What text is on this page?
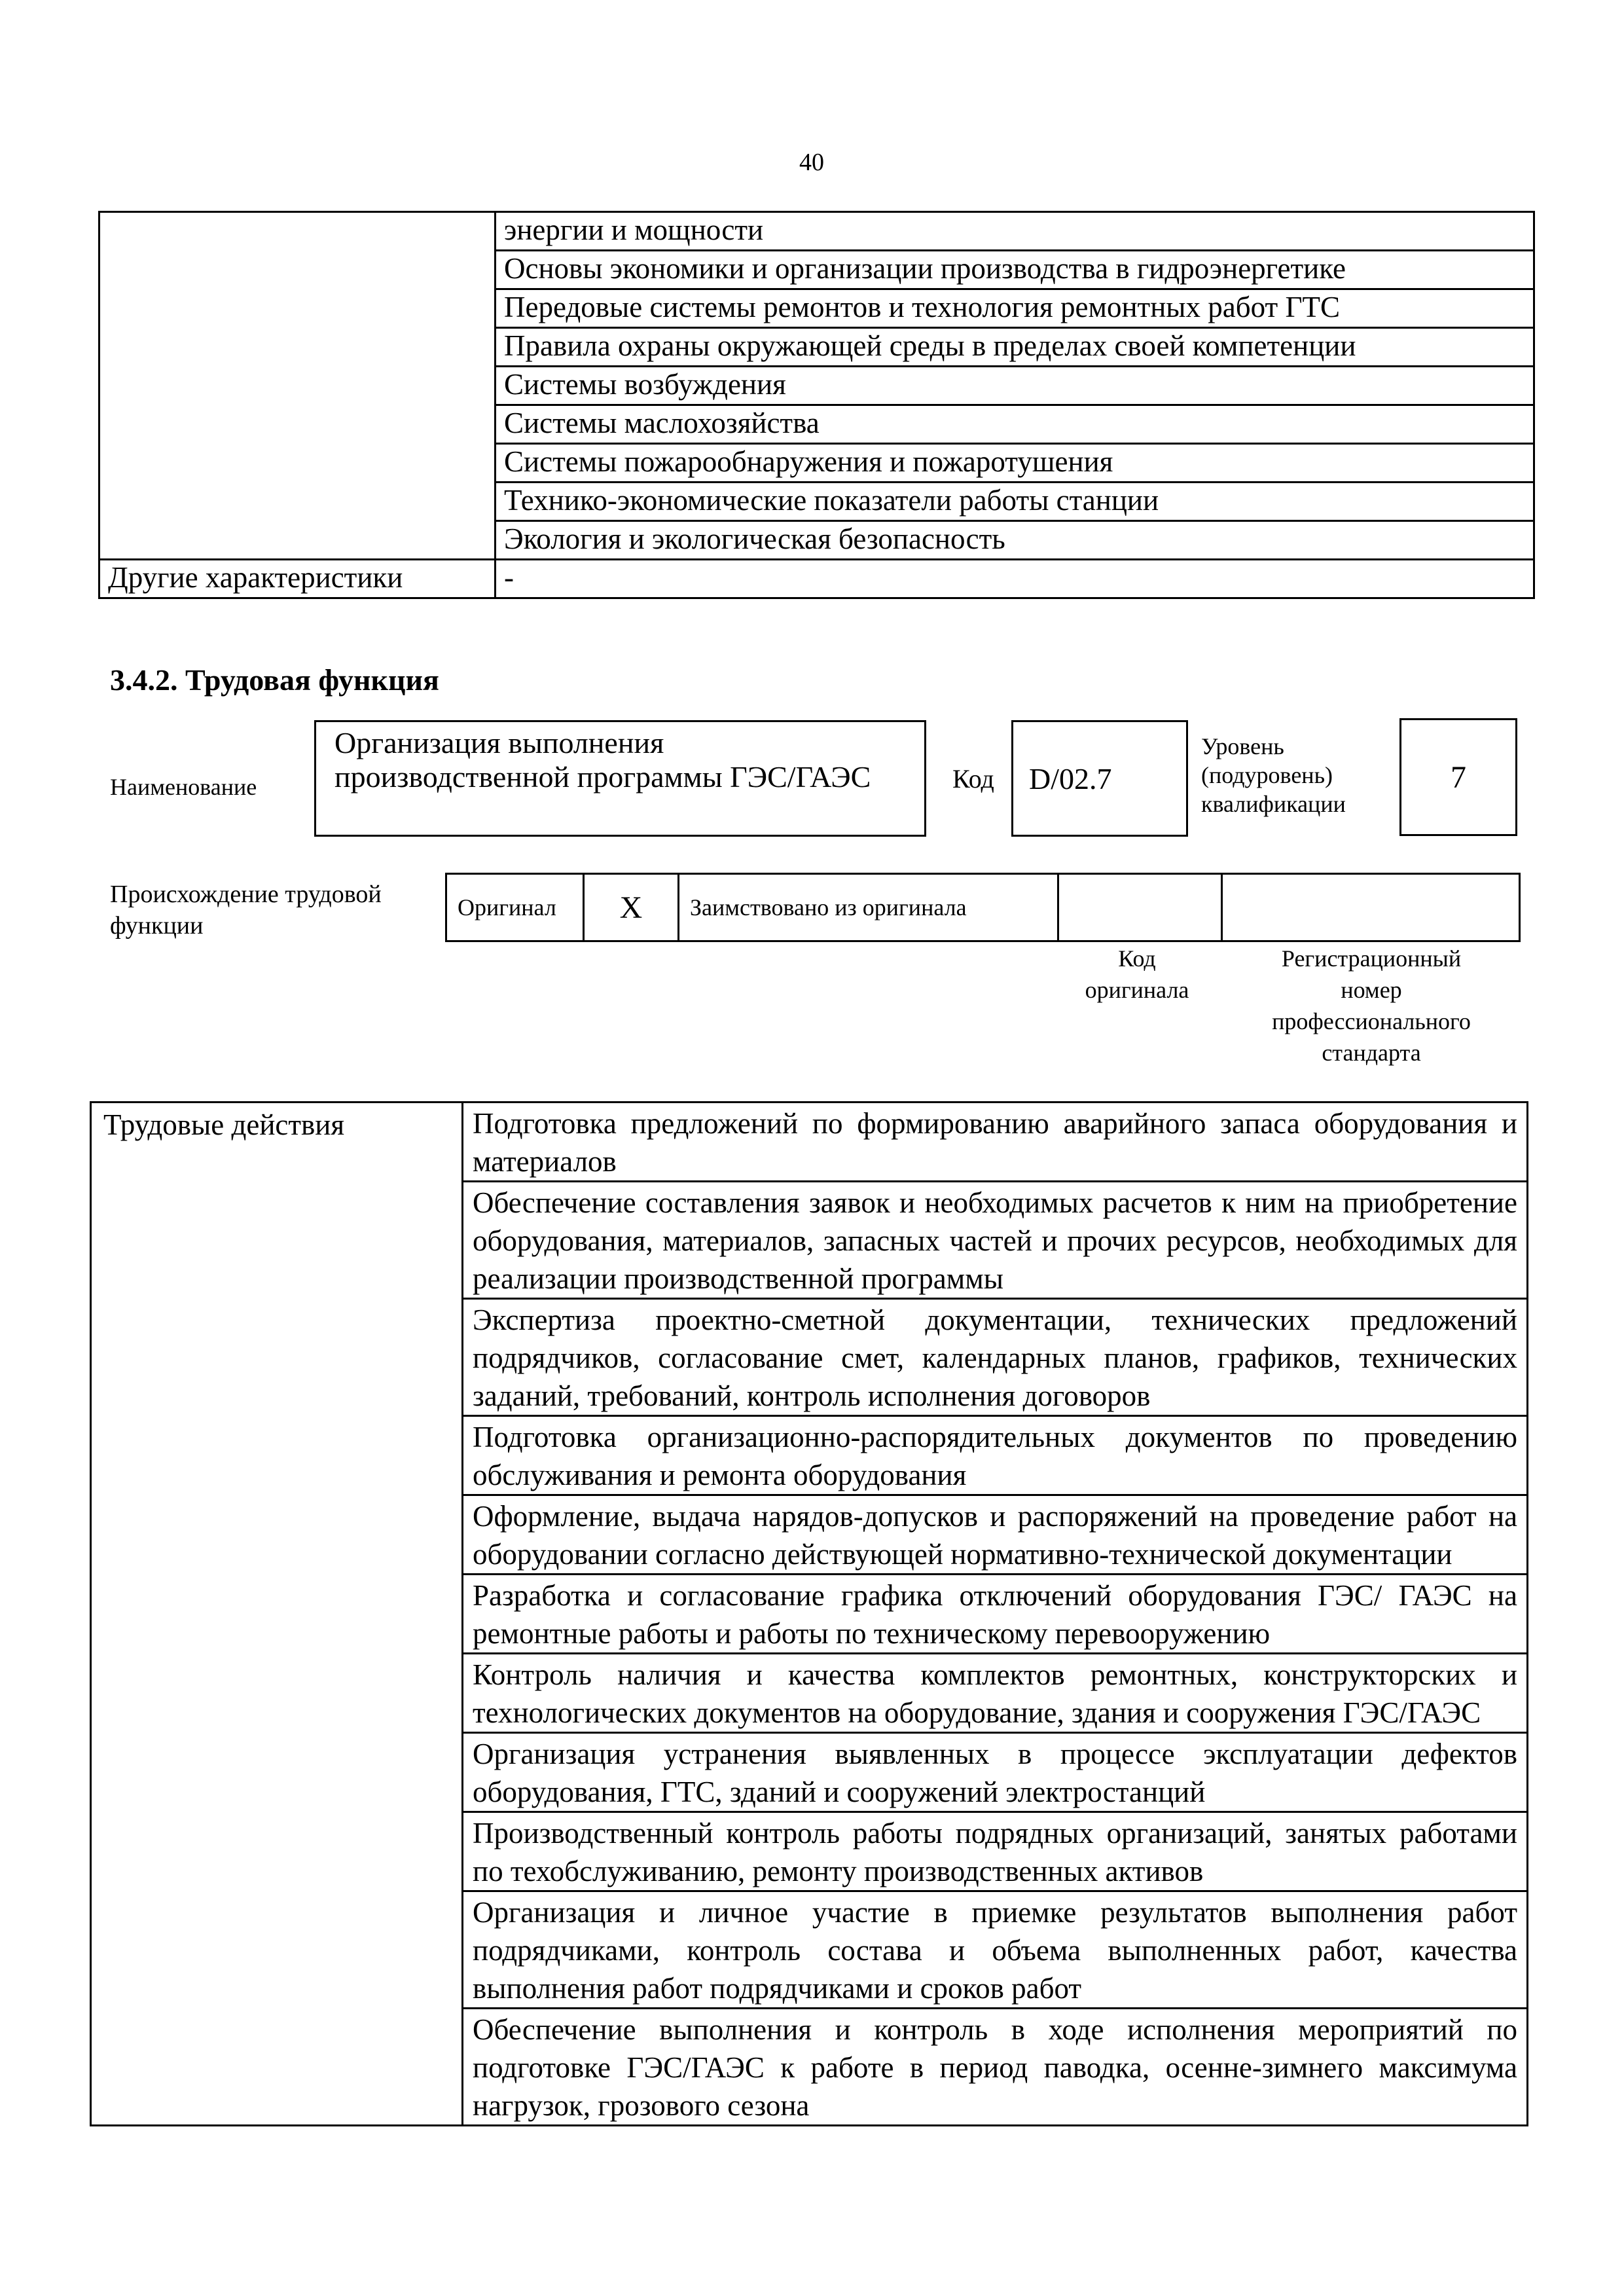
40
	энергии и мощности
	Основы экономики и организации производства в гидроэнергетике
	Передовые системы ремонтов и технология ремонтных работ ГТС
	Правила охраны окружающей среды в пределах своей компетенции
	Системы возбуждения
	Системы маслохозяйства
	Системы пожарообнаружения и пожаротушения
	Технико-экономические показатели работы станции
	Экология и экологическая безопасность
Другие характеристики	-
3.4.2. Трудовая функция
Наименование
Организация выполнения производственной программы ГЭС/ГАЭС	Код	D/02.7
Уровень
(подуровень)
квалификации
7
Происхождение трудовой функции
Оригинал	X	Заимствовано из оригинала		
Код
оригинала
Регистрационный
номер
профессионального
стандарта
Трудовые действия	Подготовка предложений по формированию аварийного запаса оборудования и материалов
Обеспечение составления заявок и необходимых расчетов к ним на приобретение оборудования, материалов, запасных частей и прочих ресурсов, необходимых для реализации производственной программы
Экспертиза проектно-сметной документации, технических предложений подрядчиков, согласование смет, календарных планов, графиков, технических заданий, требований, контроль исполнения договоров
Подготовка организационно-распорядительных документов по проведению обслуживания и ремонта оборудования
Оформление, выдача нарядов-допусков и распоряжений на проведение работ на оборудовании согласно действующей нормативно-технической документации
Разработка и согласование графика отключений оборудования ГЭС/ ГАЭС на ремонтные работы и работы по техническому перевооружению
Контроль наличия и качества комплектов ремонтных, конструкторских и технологических документов на оборудование, здания и сооружения ГЭС/ГАЭС
Организация устранения выявленных в процессе эксплуатации дефектов оборудования, ГТС, зданий и сооружений электростанций
Производственный контроль работы подрядных организаций, занятых работами по техобслуживанию, ремонту производственных активов
Организация и личное участие в приемке результатов выполнения работ подрядчиками, контроль состава и объема выполненных работ, качества выполнения работ подрядчиками и сроков работ
Обеспечение выполнения и контроль в ходе исполнения мероприятий по подготовке ГЭС/ГАЭС к работе в период паводка, осенне-зимнего максимума нагрузок, грозового сезона
